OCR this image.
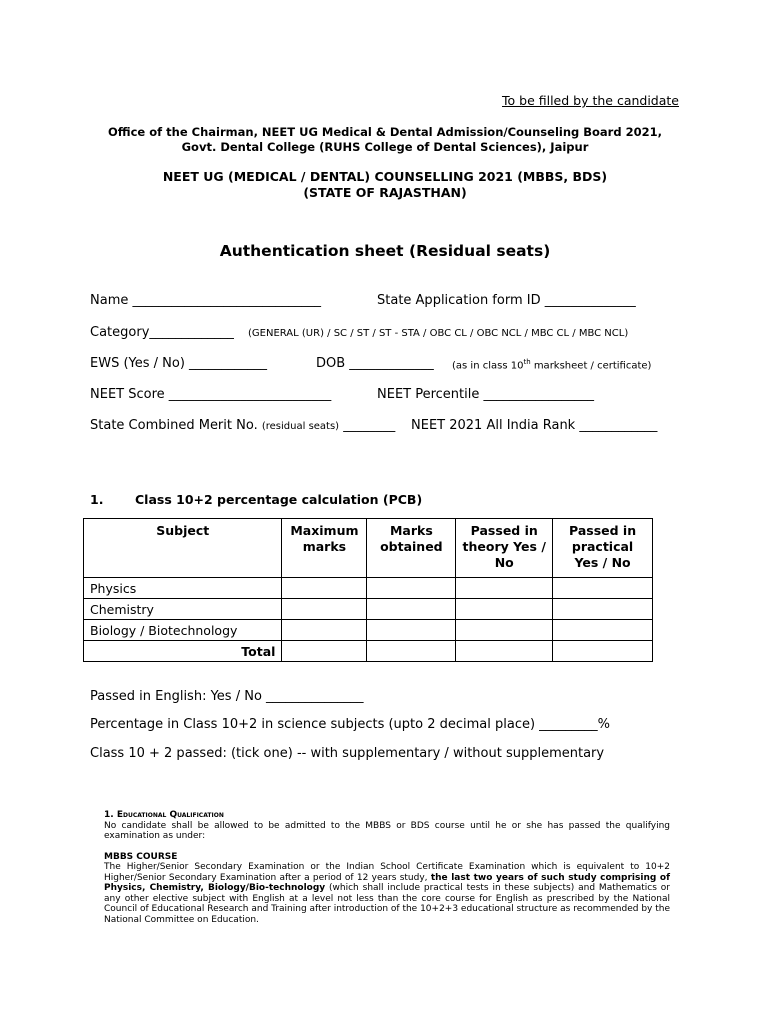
To be filled by the candidate
Office of the Chairman, NEET UG Medical & Dental Admission/Counseling Board 2021,
Govt. Dental College (RUHS College of Dental Sciences), Jaipur
NEET UG (MEDICAL / DENTAL) COUNSELLING 2021 (MBBS, BDS)
(STATE OF RAJASTHAN)
Authentication sheet (Residual seats)
Name _____________________________	State Application form ID ______________
Category_____________ (GENERAL (UR) / SC / ST / ST - STA / OBC CL / OBC NCL / MBC CL / MBC NCL)
EWS (Yes / No) ____________	DOB _____________ (as in class 10th marksheet / certificate)
NEET Score _________________________	NEET Percentile _________________
State Combined Merit No. (residual seats) ________ NEET 2021 All India Rank ____________
1.	Class 10+2 percentage calculation (PCB)
Subject	Maximum marks	Marks obtained	Passed in theory Yes / No	Passed in practical Yes / No
Physics				
Chemistry				
Biology / Biotechnology				
Total				
Passed in English: Yes / No _______________
Percentage in Class 10+2 in science subjects (upto 2 decimal place) _________%
Class 10 + 2 passed: (tick one) -- with supplementary / without supplementary
1. Educational Qualification
No candidate shall be allowed to be admitted to the MBBS or BDS course until he or she has passed the qualifying examination as under:
MBBS COURSE
The Higher/Senior Secondary Examination or the Indian School Certificate Examination which is equivalent to 10+2 Higher/Senior Secondary Examination after a period of 12 years study, the last two years of such study comprising of Physics, Chemistry, Biology/Bio-technology (which shall include practical tests in these subjects) and Mathematics or any other elective subject with English at a level not less than the core course for English as prescribed by the National Council of Educational Research and Training after introduction of the 10+2+3 educational structure as recommended by the National Committee on Education.
